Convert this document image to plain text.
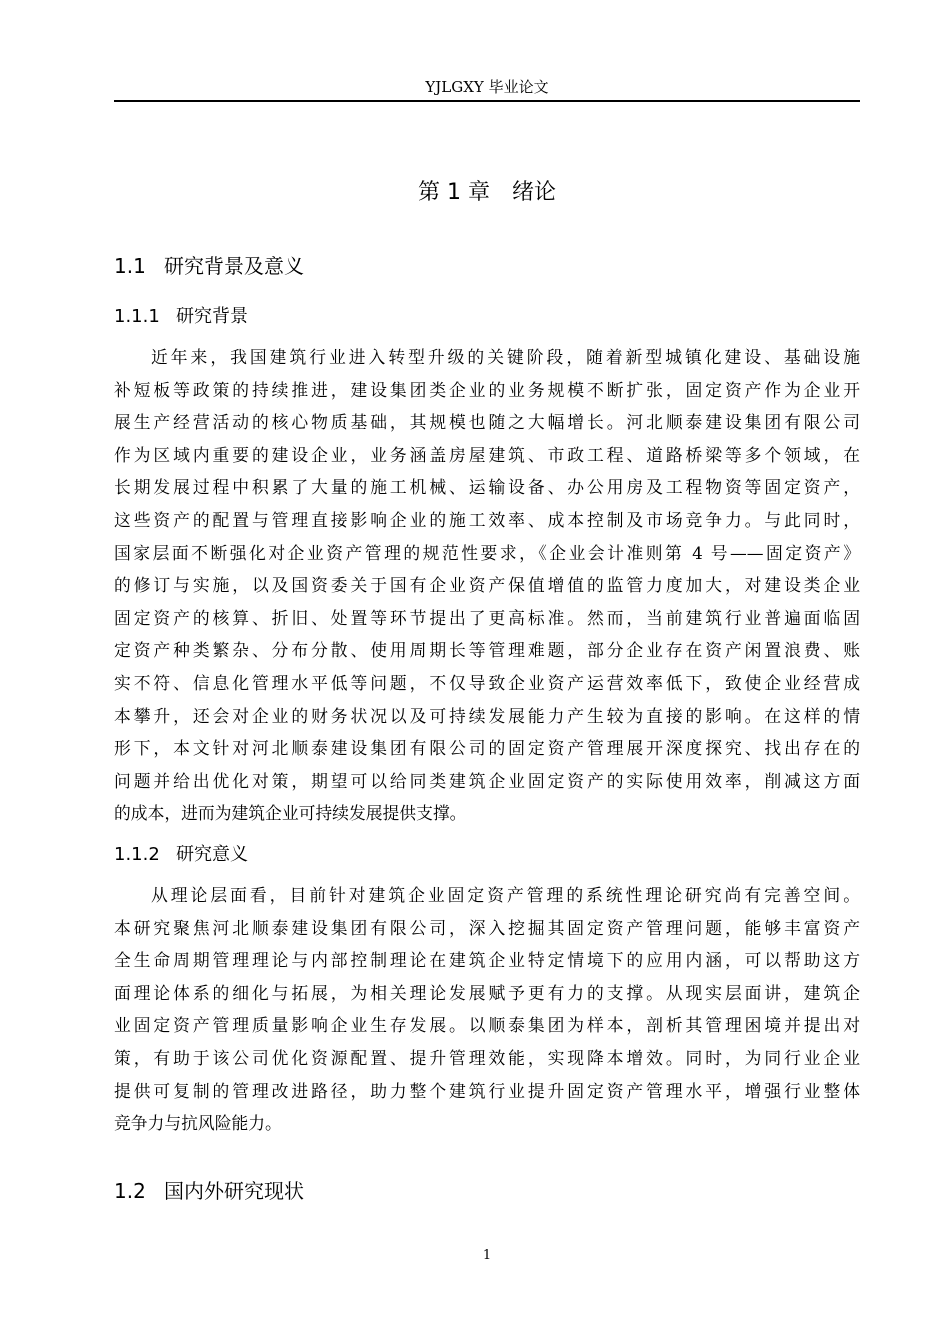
YJLGXY 毕业论文
第 1 章　绪论
1.1 研究背景及意义
1.1.1 研究背景
近年来，我国建筑行业进入转型升级的关键阶段，随着新型城镇化建设、基础设施
补短板等政策的持续推进，建设集团类企业的业务规模不断扩张，固定资产作为企业开
展生产经营活动的核心物质基础，其规模也随之大幅增长。河北顺泰建设集团有限公司
作为区域内重要的建设企业，业务涵盖房屋建筑、市政工程、道路桥梁等多个领域，在
长期发展过程中积累了大量的施工机械、运输设备、办公用房及工程物资等固定资产，
这些资产的配置与管理直接影响企业的施工效率、成本控制及市场竞争力。与此同时，
国家层面不断强化对企业资产管理的规范性要求，《企业会计准则第 4 号——固定资产》
的修订与实施，以及国资委关于国有企业资产保值增值的监管力度加大，对建设类企业
固定资产的核算、折旧、处置等环节提出了更高标准。然而，当前建筑行业普遍面临固
定资产种类繁杂、分布分散、使用周期长等管理难题，部分企业存在资产闲置浪费、账
实不符、信息化管理水平低等问题，不仅导致企业资产运营效率低下，致使企业经营成
本攀升，还会对企业的财务状况以及可持续发展能力产生较为直接的影响。在这样的情
形下，本文针对河北顺泰建设集团有限公司的固定资产管理展开深度探究、找出存在的
问题并给出优化对策，期望可以给同类建筑企业固定资产的实际使用效率，削减这方面
的成本，进而为建筑企业可持续发展提供支撑。
1.1.2 研究意义
从理论层面看，目前针对建筑企业固定资产管理的系统性理论研究尚有完善空间。
本研究聚焦河北顺泰建设集团有限公司，深入挖掘其固定资产管理问题，能够丰富资产
全生命周期管理理论与内部控制理论在建筑企业特定情境下的应用内涵，可以帮助这方
面理论体系的细化与拓展，为相关理论发展赋予更有力的支撑。从现实层面讲，建筑企
业固定资产管理质量影响企业生存发展。以顺泰集团为样本，剖析其管理困境并提出对
策，有助于该公司优化资源配置、提升管理效能，实现降本增效。同时，为同行业企业
提供可复制的管理改进路径，助力整个建筑行业提升固定资产管理水平，增强行业整体
竞争力与抗风险能力。
1.2 国内外研究现状
1
